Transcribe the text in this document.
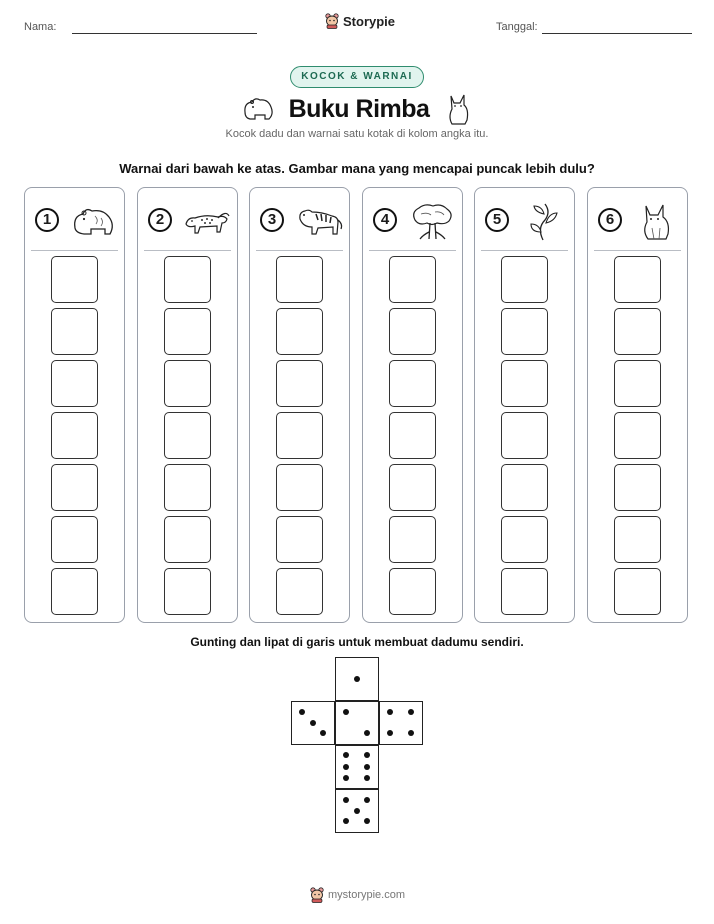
Nama:	Storypie	Tanggal:
KOCOK & WARNAI
Buku Rimba
Kocok dadu dan warnai satu kotak di kolom angka itu.
Warnai dari bawah ke atas. Gambar mana yang mencapai puncak lebih dulu?
1	2	3	4	5	6
Gunting dan lipat di garis untuk membuat dadumu sendiri.
mystorypie.com
